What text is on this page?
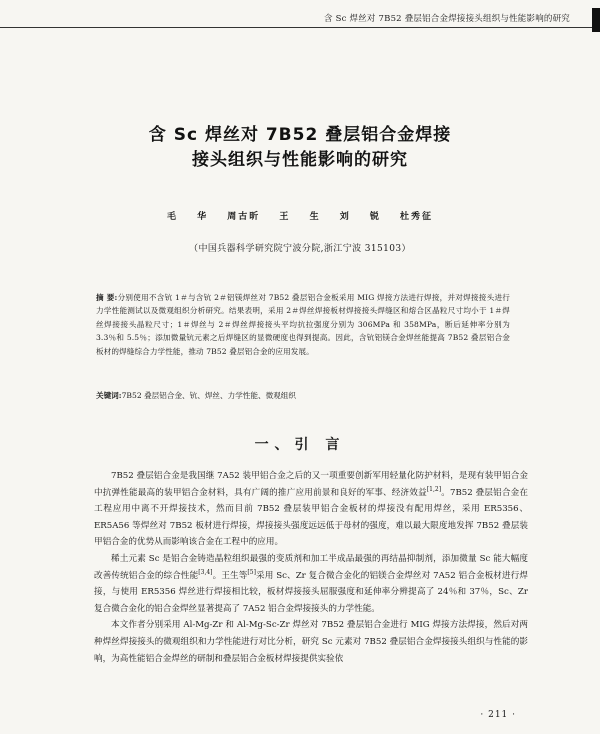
含 Sc 焊丝对 7B52 叠层铝合金焊接接头组织与性能影响的研究
含 Sc 焊丝对 7B52 叠层铝合金焊接
接头组织与性能影响的研究
毛 华 周古昕 王 生 刘 锐 杜秀征
（中国兵器科学研究院宁波分院,浙江宁波 315103）
摘 要:分别使用不含钪 1＃与含钪 2＃铝镁焊丝对 7B52 叠层铝合金板采用 MIG 焊接方法进行焊接，并对焊接接头进行力学性能测试以及微观组织分析研究。结果表明，采用 2＃焊丝焊接板材焊接接头焊缝区和熔合区晶粒尺寸均小于 1＃焊丝焊接接头晶粒尺寸；1＃焊丝与 2＃焊丝焊接接头平均抗拉强度分别为 306MPa 和 358MPa，断后延伸率分别为 3.3％和 5.5％；添加微量钪元素之后焊缝区的显微硬度也得到提高。因此，含钪铝镁合金焊丝能提高 7B52 叠层铝合金板材的焊缝综合力学性能，推动 7B52 叠层铝合金的应用发展。
关键词:7B52 叠层铝合金、钪、焊丝、力学性能、微观组织
一、引 言

7B52 叠层铝合金是我国继 7A52 装甲铝合金之后的又一项重要创新军用轻量化防护材料，是现有装甲铝合金中抗弹性能最高的装甲铝合金材料，具有广阔的推广应用前景和良好的军事、经济效益[1,2]。7B52 叠层铝合金在工程应用中离不开焊接技术，然而目前 7B52 叠层装甲铝合金板材的焊接没有配用焊丝，采用 ER5356、ER5A56 等焊丝对 7B52 板材进行焊接，焊接接头强度远远低于母材的强度，难以最大限度地发挥 7B52 叠层装甲铝合金的优势从而影响该合金在工程中的应用。

稀土元素 Sc 是铝合金铸造晶粒组织最强的变质剂和加工半成品最强的再结晶抑制剂，添加微量 Sc 能大幅度改善传统铝合金的综合性能[3,4]。王生等[5]采用 Sc、Zr 复合微合金化的铝镁合金焊丝对 7A52 铝合金板材进行焊接，与使用 ER5356 焊丝进行焊接相比较，板材焊接接头屈服强度和延伸率分辨提高了 24％和 37％，Sc、Zr 复合微合金化的铝合金焊丝显著提高了 7A52 铝合金焊接接头的力学性能。

本文作者分别采用 Al-Mg-Zr 和 Al-Mg-Sc-Zr 焊丝对 7B52 叠层铝合金进行 MIG 焊接方法焊接，然后对两种焊丝焊接接头的微观组织和力学性能进行对比分析，研究 Sc 元素对 7B52 叠层铝合金焊接接头组织与性能的影响，为高性能铝合金焊丝的研制和叠层铝合金板材焊接提供实验依

· 211 ·
